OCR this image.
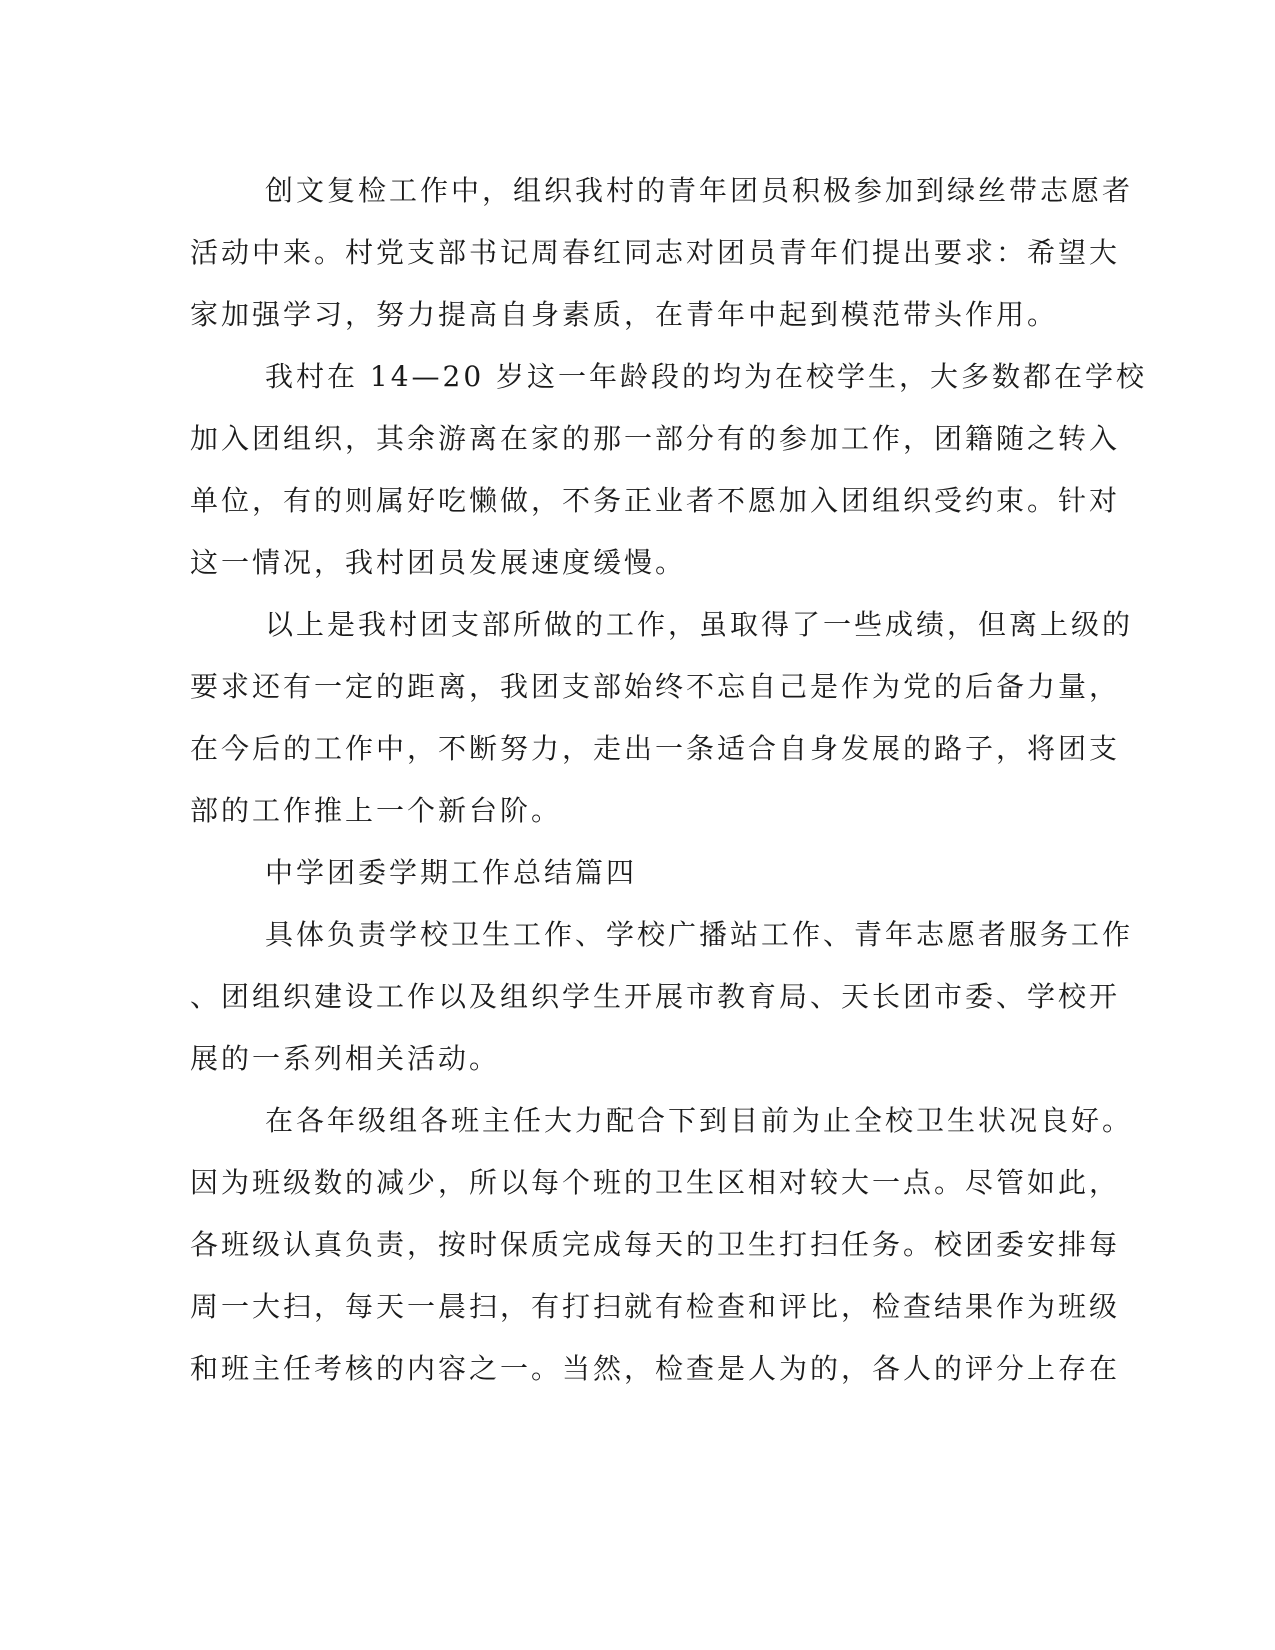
创文复检工作中，组织我村的青年团员积极参加到绿丝带志愿者
活动中来。村党支部书记周春红同志对团员青年们提出要求：希望大
家加强学习，努力提高自身素质，在青年中起到模范带头作用。
我村在 14—20 岁这一年龄段的均为在校学生，大多数都在学校
加入团组织，其余游离在家的那一部分有的参加工作，团籍随之转入
单位，有的则属好吃懒做，不务正业者不愿加入团组织受约束。针对
这一情况，我村团员发展速度缓慢。
以上是我村团支部所做的工作，虽取得了一些成绩，但离上级的
要求还有一定的距离，我团支部始终不忘自己是作为党的后备力量，
在今后的工作中，不断努力，走出一条适合自身发展的路子，将团支
部的工作推上一个新台阶。
中学团委学期工作总结篇四
具体负责学校卫生工作、学校广播站工作、青年志愿者服务工作
、团组织建设工作以及组织学生开展市教育局、天长团市委、学校开
展的一系列相关活动。
在各年级组各班主任大力配合下到目前为止全校卫生状况良好。
因为班级数的减少，所以每个班的卫生区相对较大一点。尽管如此，
各班级认真负责，按时保质完成每天的卫生打扫任务。校团委安排每
周一大扫，每天一晨扫，有打扫就有检查和评比，检查结果作为班级
和班主任考核的内容之一。当然，检查是人为的，各人的评分上存在
